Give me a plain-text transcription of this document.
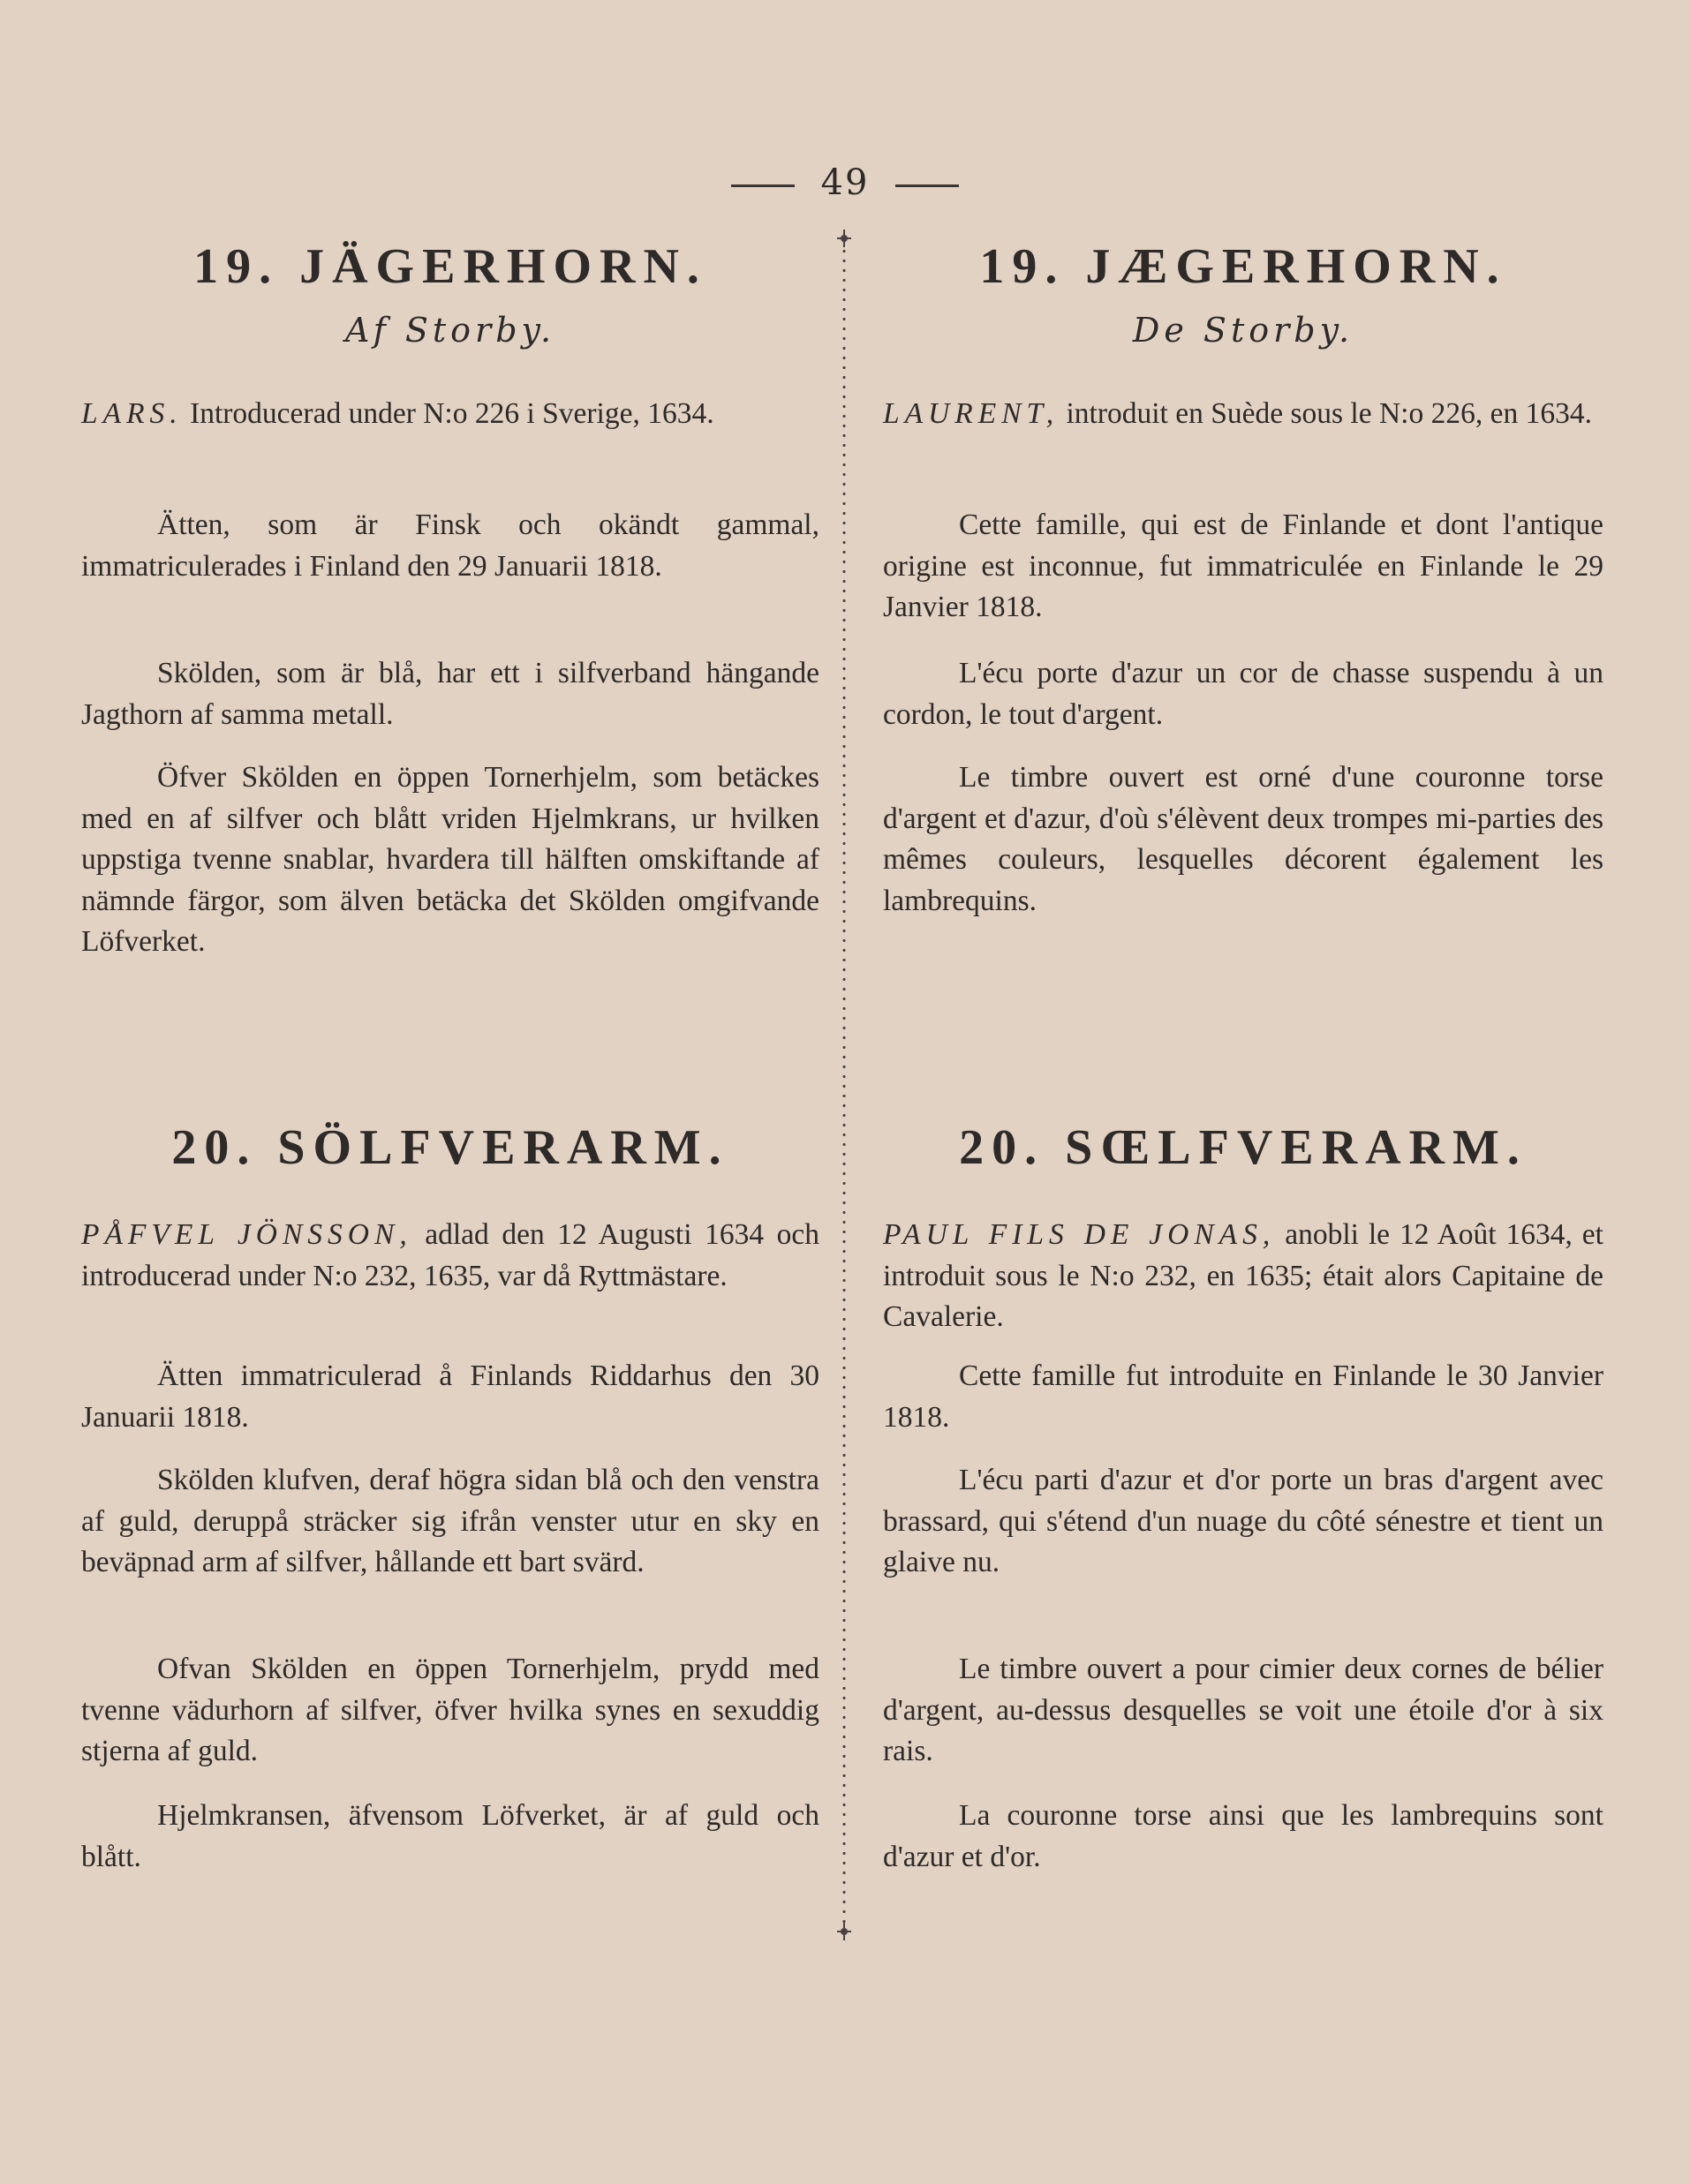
49
19. JÄGERHORN.
Af Storby.
LARS. Introducerad under N:o 226 i Sverige, 1634.
Ätten, som är Finsk och okändt gammal, immatriculerades i Finland den 29 Januarii 1818.
Skölden, som är blå, har ett i silfverband hängande Jagthorn af samma metall.
Öfver Skölden en öppen Tornerhjelm, som betäckes med en af silfver och blått vriden Hjelmkrans, ur hvilken uppstiga tvenne snablar, hvardera till hälften omskiftande af nämnde färgor, som älven betäcka det Skölden omgifvande Löfverket.
20. SÖLFVERARM.
PÅFVEL JÖNSSON, adlad den 12 Augusti 1634 och introducerad under N:o 232, 1635, var då Ryttmästare.
Ätten immatriculerad å Finlands Riddarhus den 30 Januarii 1818.
Skölden klufven, deraf högra sidan blå och den venstra af guld, deruppå sträcker sig ifrån venster utur en sky en beväpnad arm af silfver, hållande ett bart svärd.
Ofvan Skölden en öppen Tornerhjelm, prydd med tvenne vädurhorn af silfver, öfver hvilka synes en sexuddig stjerna af guld.
Hjelmkransen, äfvensom Löfverket, är af guld och blått.
19. JÆGERHORN.
De Storby.
LAURENT, introduit en Suède sous le N:o 226, en 1634.
Cette famille, qui est de Finlande et dont l'antique origine est inconnue, fut immatriculée en Finlande le 29 Janvier 1818.
L'écu porte d'azur un cor de chasse suspendu à un cordon, le tout d'argent.
Le timbre ouvert est orné d'une couronne torse d'argent et d'azur, d'où s'élèvent deux trompes mi-parties des mêmes couleurs, lesquelles décorent également les lambrequins.
20. SŒLFVERARM.
PAUL FILS DE JONAS, anobli le 12 Août 1634, et introduit sous le N:o 232, en 1635; était alors Capitaine de Cavalerie.
Cette famille fut introduite en Finlande le 30 Janvier 1818.
L'écu parti d'azur et d'or porte un bras d'argent avec brassard, qui s'étend d'un nuage du côté sénestre et tient un glaive nu.
Le timbre ouvert a pour cimier deux cornes de bélier d'argent, au-dessus desquelles se voit une étoile d'or à six rais.
La couronne torse ainsi que les lambrequins sont d'azur et d'or.
